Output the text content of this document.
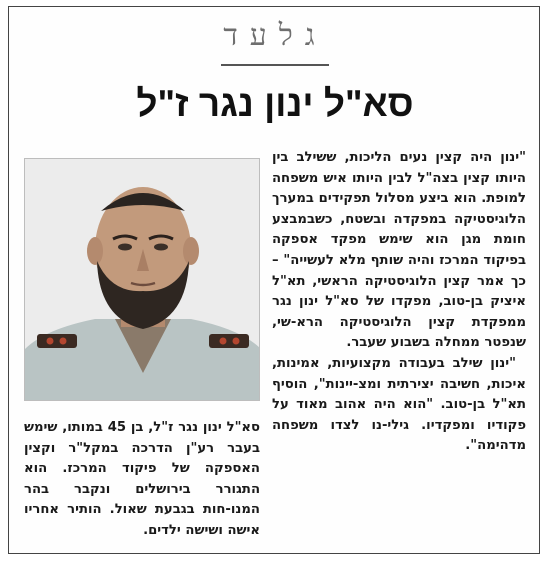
גלעד
סא"ל ינון נגר ז"ל

"ינון היה קצין נעים הליכות, ששילב בין היותו קצין בצה"ל לבין היותו איש משפחה למופת. הוא ביצע מסלול תפקידים במערך הלוגיסטיקה במפקדה ובשטח, כשבמבצע חומת מגן הוא שימש מפקד אספקה בפיקוד המרכז והיה שותף מלא לעשייה" – כך אמר קצין הלוגיסטיקה הראשי, תא"ל איציק בן-טוב, מפקדו של סא"ל ינון נגר ממפקדת קצין הלוגיסטיקה הרא-שי, שנפטר ממחלה בשבוע שעבר.

"ינון שילב בעבודה מקצועיות, אמינות, איכות, חשיבה יצירתית ומצ-יינות", הוסיף תא"ל בן-טוב. "הוא היה אהוב מאוד על פקודיו ומפקדיו. גילי-נו לצדו משפחה מדהימה".

סא"ל ינון נגר ז"ל, בן 45 במותו, שימש בעבר רע"ן הדרכה במקל"ר וקצין האספקה של פיקוד המרכז. הוא התגורר בירושלים ונקבר בהר המנו-חות בגבעת שאול. הותיר אחריו אישה ושישה ילדים.
